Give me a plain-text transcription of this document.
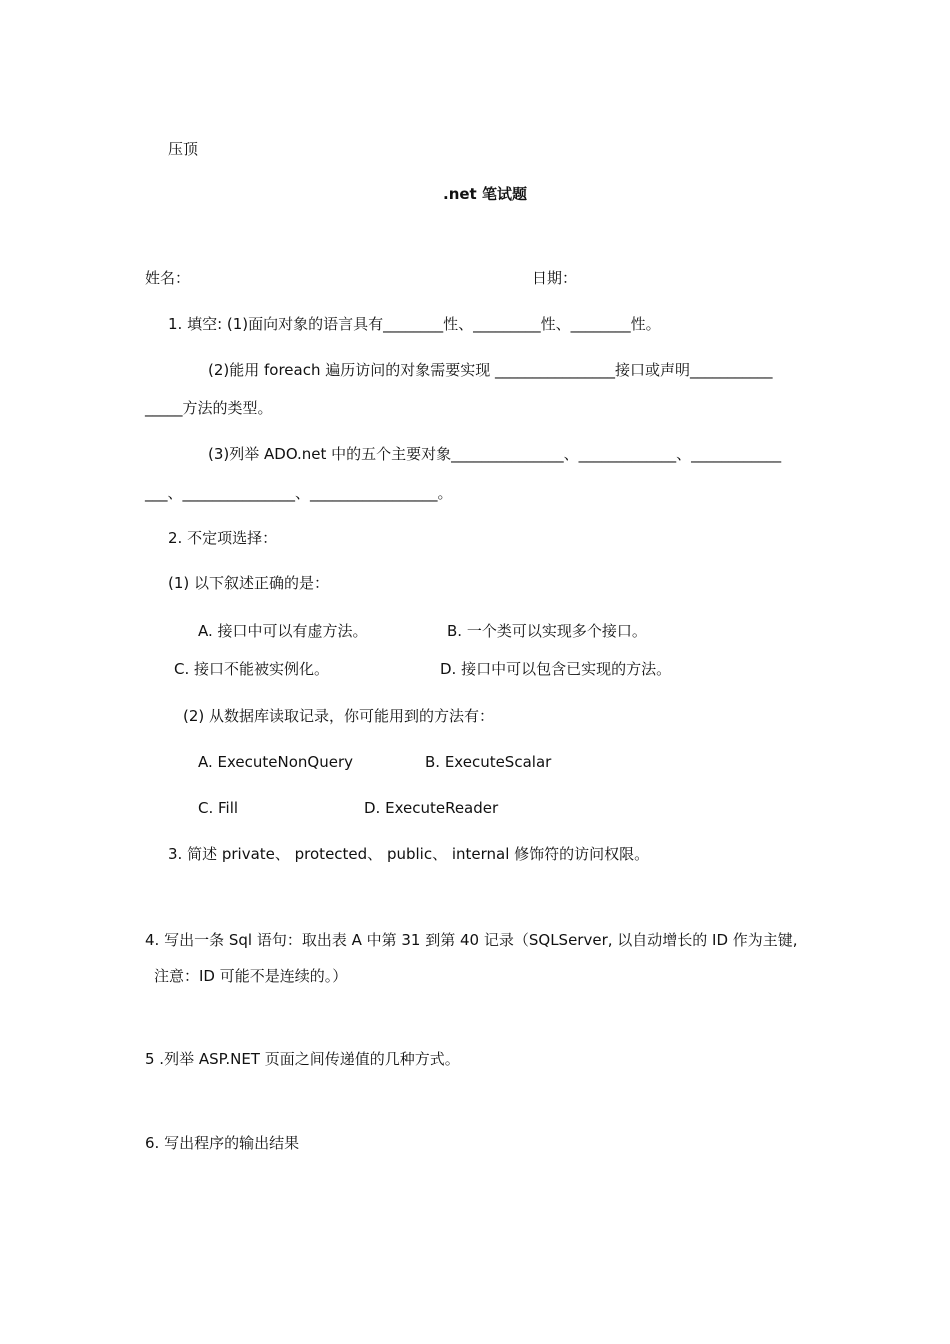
压顶
.net 笔试题
姓名：	日期：
1. 填空: (1)面向对象的语言具有________性、_________性、________性。
(2)能用 foreach 遍历访问的对象需要实现 ________________接口或声明___________
_____方法的类型。
(3)列举 ADO.net 中的五个主要对象_______________、_____________、____________
___、_______________、_________________。
2. 不定项选择：
(1) 以下叙述正确的是：
A. 接口中可以有虚方法。	B. 一个类可以实现多个接口。
C. 接口不能被实例化。	D. 接口中可以包含已实现的方法。
(2) 从数据库读取记录，你可能用到的方法有：
A. ExecuteNonQuery	B. ExecuteScalar
C. Fill	D. ExecuteReader
3. 简述 private、 protected、 public、 internal 修饰符的访问权限。
4. 写出一条 Sql 语句：取出表 A 中第 31 到第 40 记录（SQLServer, 以自动增长的 ID 作为主键,
注意：ID 可能不是连续的。）
5 .列举 ASP.NET 页面之间传递值的几种方式。
6. 写出程序的输出结果
